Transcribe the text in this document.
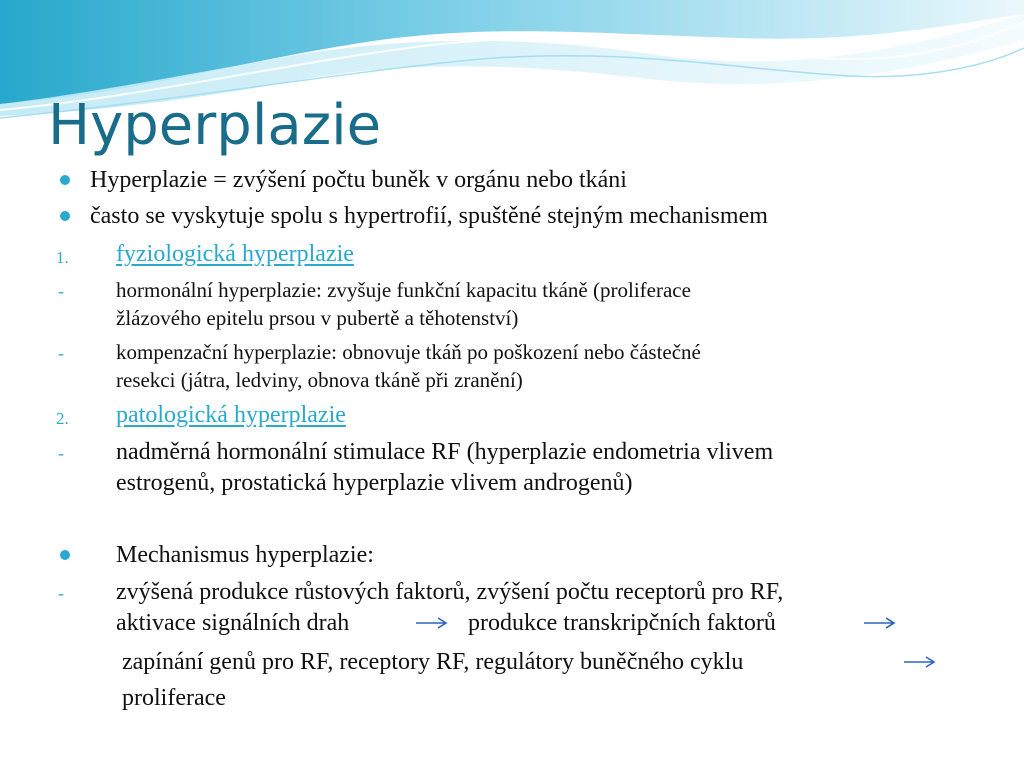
Hyperplazie
Hyperplazie = zvýšení počtu buněk v orgánu nebo tkáni
často se vyskytuje spolu s hypertrofií, spuštěné stejným mechanismem
1. fyziologická hyperplazie
- hormonální hyperplazie: zvyšuje funkční kapacitu tkáně (proliferace
žlázového epitelu prsou v pubertě a těhotenství)
- kompenzační hyperplazie: obnovuje tkáň po poškození nebo částečné
resekci (játra, ledviny, obnova tkáně při zranění)
2. patologická hyperplazie
- nadměrná hormonální stimulace RF (hyperplazie endometria vlivem
estrogenů, prostatická hyperplazie vlivem androgenů)
Mechanismus hyperplazie:
- zvýšená produkce růstových faktorů, zvýšení počtu receptorů pro RF,
aktivace signálních drah	produkce transkripčních faktorů
zapínání genů pro RF, receptory RF, regulátory buněčného cyklu
proliferace
